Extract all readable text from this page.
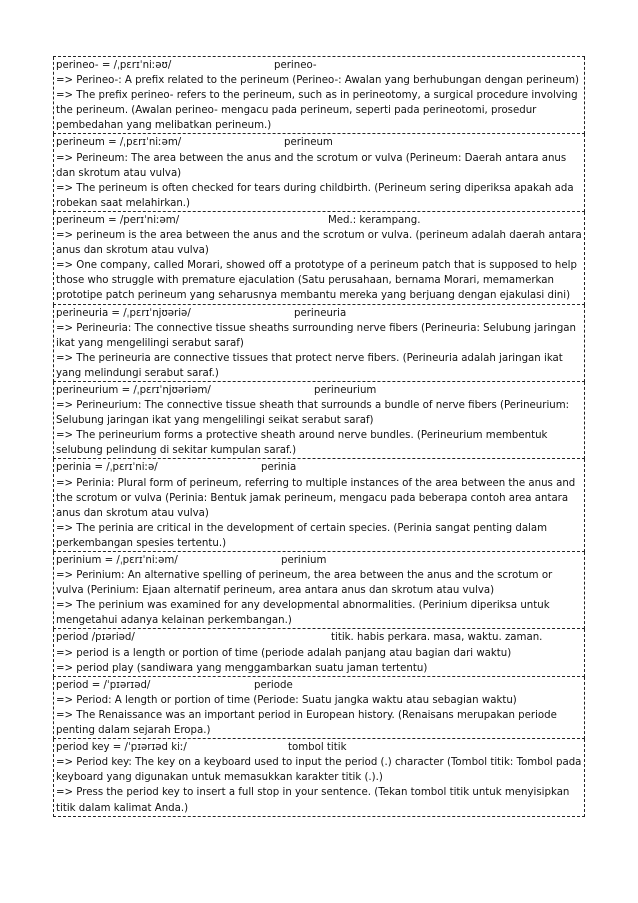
perineo- = /ˌpɛrɪˈniːəʊ/	perineo-
=> Perineo-: A prefix related to the perineum (Perineo-: Awalan yang berhubungan dengan perineum)
=> The prefix perineo- refers to the perineum, such as in perineotomy, a surgical procedure involving the perineum. (Awalan perineo- mengacu pada perineum, seperti pada perineotomi, prosedur pembedahan yang melibatkan perineum.)
perineum = /ˌpɛrɪˈniːəm/	perineum
=> Perineum: The area between the anus and the scrotum or vulva (Perineum: Daerah antara anus dan skrotum atau vulva)
=> The perineum is often checked for tears during childbirth. (Perineum sering diperiksa apakah ada robekan saat melahirkan.)
perineum = /perɪˈniːəm/	Med.: kerampang.
=> perineum is the area between the anus and the scrotum or vulva. (perineum adalah daerah antara anus dan skrotum atau vulva)
=> One company, called Morari, showed off a prototype of a perineum patch that is supposed to help those who struggle with premature ejaculation (Satu perusahaan, bernama Morari, memamerkan prototipe patch perineum yang seharusnya membantu mereka yang berjuang dengan ejakulasi dini)
perineuria = /ˌpɛrɪˈnjʊəriə/	perineuria
=> Perineuria: The connective tissue sheaths surrounding nerve fibers (Perineuria: Selubung jaringan ikat yang mengelilingi serabut saraf)
=> The perineuria are connective tissues that protect nerve fibers. (Perineuria adalah jaringan ikat yang melindungi serabut saraf.)
perineurium = /ˌpɛrɪˈnjʊəriəm/	perineurium
=> Perineurium: The connective tissue sheath that surrounds a bundle of nerve fibers (Perineurium: Selubung jaringan ikat yang mengelilingi seikat serabut saraf)
=> The perineurium forms a protective sheath around nerve bundles. (Perineurium membentuk selubung pelindung di sekitar kumpulan saraf.)
perinia = /ˌpɛrɪˈniːə/	perinia
=> Perinia: Plural form of perineum, referring to multiple instances of the area between the anus and the scrotum or vulva (Perinia: Bentuk jamak perineum, mengacu pada beberapa contoh area antara anus dan skrotum atau vulva)
=> The perinia are critical in the development of certain species. (Perinia sangat penting dalam perkembangan spesies tertentu.)
perinium = /ˌpɛrɪˈniːəm/	perinium
=> Perinium: An alternative spelling of perineum, the area between the anus and the scrotum or vulva (Perinium: Ejaan alternatif perineum, area antara anus dan skrotum atau vulva)
=> The perinium was examined for any developmental abnormalities. (Perinium diperiksa untuk mengetahui adanya kelainan perkembangan.)
period /pɪəriəd/	titik. habis perkara. masa, waktu. zaman.
=> period is a length or portion of time (periode adalah panjang atau bagian dari waktu)
=> period play (sandiwara yang menggambarkan suatu jaman tertentu)
period = /ˈpɪərɪəd/	periode
=> Period: A length or portion of time (Periode: Suatu jangka waktu atau sebagian waktu)
=> The Renaissance was an important period in European history. (Renaisans merupakan periode penting dalam sejarah Eropa.)
period key = /ˈpɪərɪəd kiː/	tombol titik
=> Period key: The key on a keyboard used to input the period (.) character (Tombol titik: Tombol pada keyboard yang digunakan untuk memasukkan karakter titik (.).)
=> Press the period key to insert a full stop in your sentence. (Tekan tombol titik untuk menyisipkan titik dalam kalimat Anda.)
